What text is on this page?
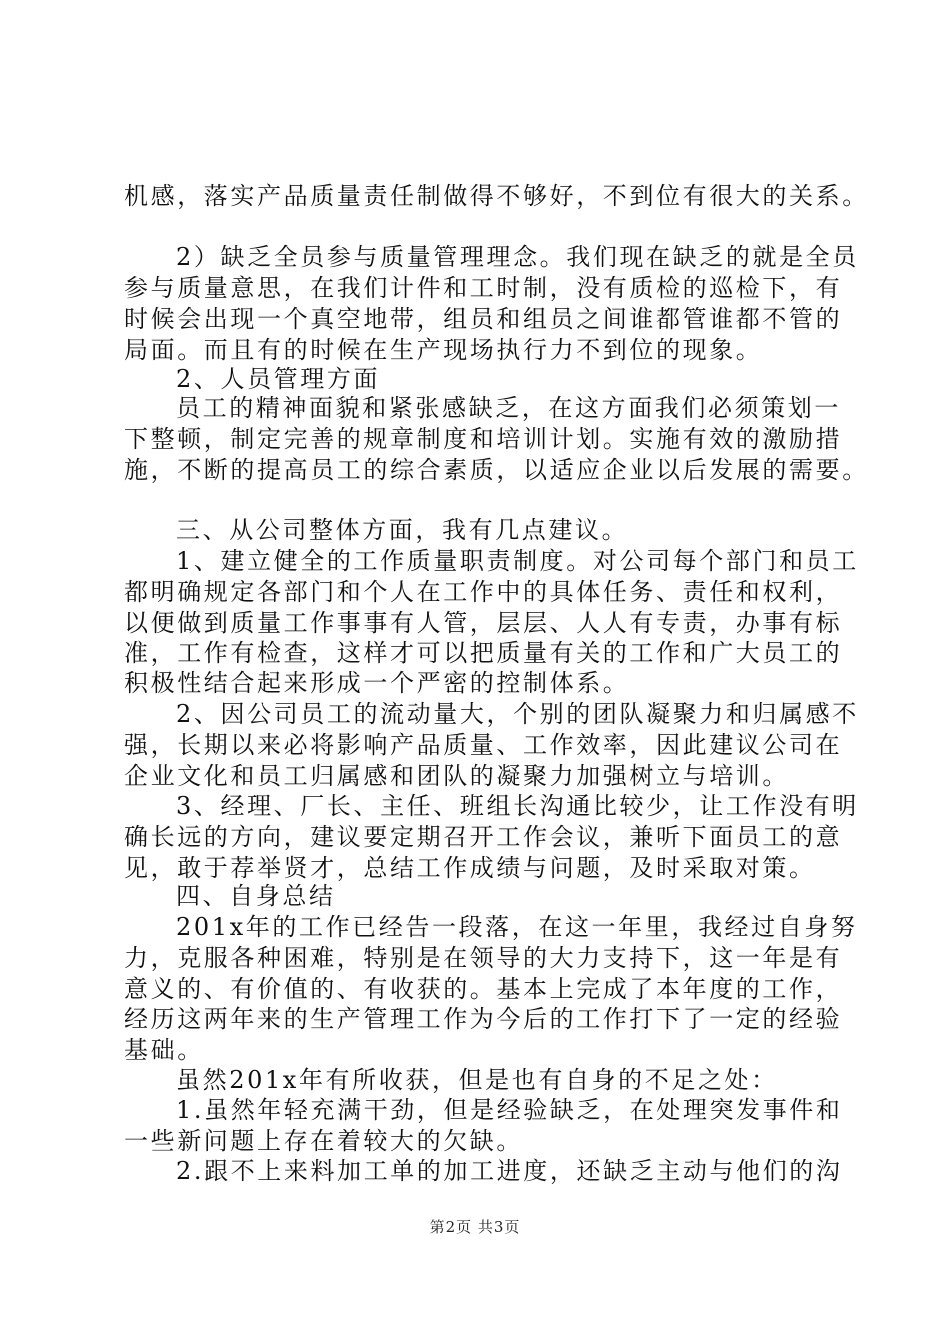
机感，落实产品质量责任制做得不够好，不到位有很大的关系。
2）缺乏全员参与质量管理理念。我们现在缺乏的就是全员
参与质量意思，在我们计件和工时制，没有质检的巡检下，有
时候会出现一个真空地带，组员和组员之间谁都管谁都不管的
局面。而且有的时候在生产现场执行力不到位的现象。
2、人员管理方面
员工的精神面貌和紧张感缺乏，在这方面我们必须策划一
下整顿，制定完善的规章制度和培训计划。实施有效的激励措
施，不断的提高员工的综合素质，以适应企业以后发展的需要。
三、从公司整体方面，我有几点建议。
1、建立健全的工作质量职责制度。对公司每个部门和员工
都明确规定各部门和个人在工作中的具体任务、责任和权利，
以便做到质量工作事事有人管，层层、人人有专责，办事有标
准，工作有检查，这样才可以把质量有关的工作和广大员工的
积极性结合起来形成一个严密的控制体系。
2、因公司员工的流动量大，个别的团队凝聚力和归属感不
强，长期以来必将影响产品质量、工作效率，因此建议公司在
企业文化和员工归属感和团队的凝聚力加强树立与培训。
3、经理、厂长、主任、班组长沟通比较少，让工作没有明
确长远的方向，建议要定期召开工作会议，兼听下面员工的意
见，敢于荐举贤才，总结工作成绩与问题，及时采取对策。
四、自身总结
201x年的工作已经告一段落，在这一年里，我经过自身努
力，克服各种困难，特别是在领导的大力支持下，这一年是有
意义的、有价值的、有收获的。基本上完成了本年度的工作，
经历这两年来的生产管理工作为今后的工作打下了一定的经验
基础。
虽然201x年有所收获，但是也有自身的不足之处：
1.虽然年轻充满干劲，但是经验缺乏，在处理突发事件和
一些新问题上存在着较大的欠缺。
2.跟不上来料加工单的加工进度，还缺乏主动与他们的沟
第2页 共3页
